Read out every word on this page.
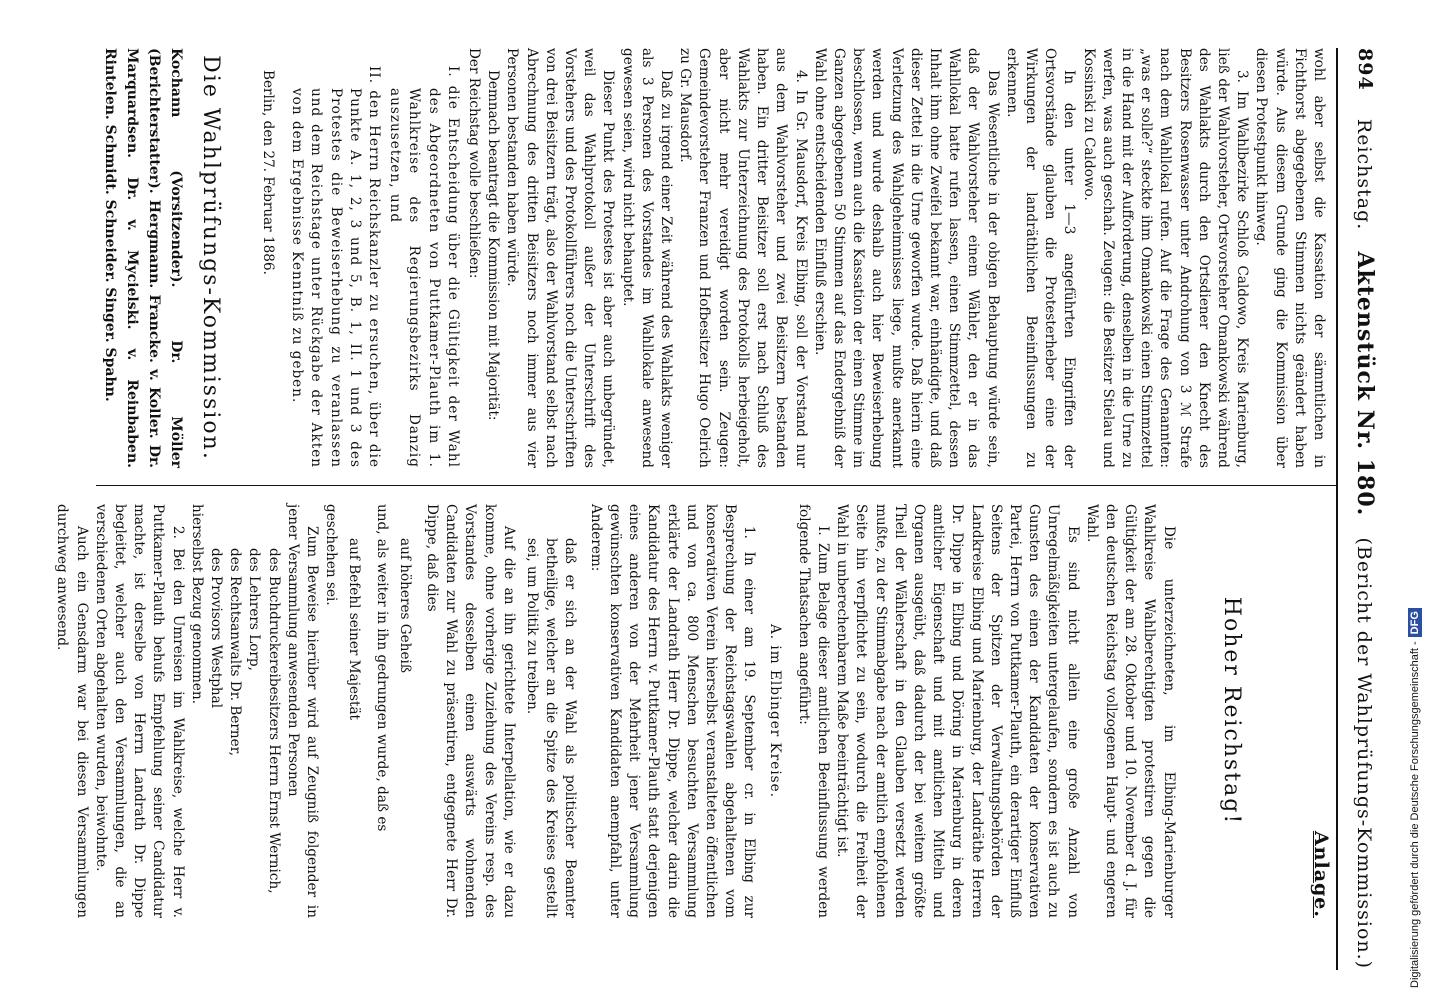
894
Reichstag.   Aktenstück Nr. 180.   (Bericht der Wahlprüfungs-Kommission.)

wohl aber selbst die Kassation der sämmtlichen in Fichthorst abgegebenen Stimmen nichts geändert haben würde. Aus diesem Grunde ging die Kommission über diesen Protestpunkt hinweg.

3. Im Wahlbezirke Schloß Caldowo, Kreis Marienburg, ließ der Wahlvorsteher, Ortsvorsteher Omankowski während des Wahlakts durch den Ortsdiener den Knecht des Besitzers Rosenwasser unter Androhung von 3 ℳ Strafe nach dem Wahllokal rufen. Auf die Frage des Genannten: „was er solle?“ steckte ihm Omankowski einen Stimmzettel in die Hand mit der Aufforderung, denselben in die Urne zu werfen, was auch geschah. Zeugen: die Besitzer Stielau und Kossinski zu Caldowo.

In den unter 1—3 angeführten Eingriffen der Ortsvorstände glauben die Protesterheber eine der Wirkungen der landräthlichen Beeinflussungen zu erkennen.

Das Wesentliche in der obigen Behauptung würde sein, daß der Wahlvorsteher einem Wähler, den er in das Wahllokal hatte rufen lassen, einen Stimmzettel, dessen Inhalt ihm ohne Zweifel bekannt war, einhändigte, und daß dieser Zettel in die Urne geworfen wurde. Daß hierin eine Verletzung des Wahlgeheimnisses liege, mußte anerkannt werden und wurde deshalb auch hier Beweiserhebung beschlossen, wenn auch die Kassation der einen Stimme im Ganzen abgegebenen 50 Stimmen auf das Endergebniß der Wahl ohne entscheidenden Einfluß erschien.

4. In Gr. Mausdorf, Kreis Elbing, soll der Vorstand nur aus dem Wahlvorsteher und zwei Beisitzern bestanden haben. Ein dritter Beisitzer soll erst nach Schluß des Wahlakts zur Unterzeichnung des Protokolls herbeigeholt, aber nicht mehr vereidigt worden sein. Zeugen: Gemeindevorsteher Franzen und Hofbesitzer Hugo Oelrich zu Gr. Mausdorf.

Daß zu irgend einer Zeit während des Wahlakts weniger als 3 Personen des Vorstandes im Wahllokale anwesend gewesen seien, wird nicht behauptet.

Dieser Punkt des Protestes ist aber auch unbegründet, weil das Wahlprotokoll außer der Unterschrift des Vorstehers und des Protokollführers noch die Unterschriften von drei Beisitzern trägt, also der Wahlvorstand selbst nach Abrechnung des dritten Beisitzers noch immer aus vier Personen bestanden haben würde.

Demnach beantragt die Kommission mit Majorität:

Der Reichstag wolle beschließen:

I. die Entscheidung über die Gültigkeit der Wahl des Abgeordneten von Puttkamer-Plauth im 1. Wahlkreise des Regierungsbezirks Danzig auszusetzen, und

II. den Herrn Reichskanzler zu ersuchen, über die Punkte A. 1, 2, 3 und 5, B. 1, II. 1 und 3 des Protestes die Beweiserhebung zu veranlassen und dem Reichstage unter Rückgabe der Akten von dem Ergebnisse Kenntniß zu geben.

Berlin, den 27. Februar 1886.

Die Wahlprüfungs-Kommission.

Kochann (Vorsitzender). Dr. Möller (Berichterstatter). Hergmann. Francke. v. Koller. Dr. Marquardsen. Dr. v. Mycielski. v. Reinbaben. Rintelen. Schmidt. Schneider. Singer. Spahn.

Anlage.
Hoher Reichstag!

Die unterzeichneten, im Elbing-Marienburger Wahlkreise Wahlberechtigten protestiren gegen die Gültigkeit der am 28. Oktober und 10. November d. J. für den deutschen Reichstag vollzogenen Haupt- und engeren Wahl.

Es sind nicht allein eine große Anzahl von Unregelmäßigkeiten untergelaufen, sondern es ist auch zu Gunsten des einen der Kandidaten der konservativen Partei, Herrn von Puttkamer-Plauth, ein derartiger Einfluß Seitens der Spitzen der Verwaltungsbehörden der Landkreise Elbing und Marienburg, der Landräthe Herren Dr. Dippe in Elbing und Döring in Marienburg in deren amtlicher Eigenschaft und mit amtlichen Mitteln und Organen ausgeübt, daß dadurch der bei weitem größte Theil der Wählerschaft in den Glauben versetzt werden mußte, zu der Stimmabgabe nach der amtlich empfohlenen Seite hin verpflichtet zu sein, wodurch die Freiheit der Wahl in unberechenbarem Maße beeinträchtigt ist.

I. Zum Belage dieser amtlichen Beeinflussung werden folgende Thatsachen angeführt:

A. im Elbinger Kreise.

1. In einer am 19. September cr. in Elbing zur Besprechung der Reichstagswahlen abgehaltenen vom konservativen Verein hierselbst veranstalteten öffentlichen und von ca. 800 Menschen besuchten Versammlung erklärte der Landrath Herr Dr. Dippe, welcher darin die Kandidatur des Herrn v. Puttkamer-Plauth statt derjenigen eines anderen von der Mehrheit jener Versammlung gewünschten konservativen Kandidaten anempfahl, unter Anderem:

daß er sich an der Wahl als politischer Beamter betheilige, welcher an die Spitze des Kreises gestellt sei, um Politik zu treiben.

Auf die an ihn gerichtete Interpellation, wie er dazu komme, ohne vorherige Zuziehung des Vereins resp. des Vorstandes desselben einen auswärts wohnenden Candidaten zur Wahl zu präsentiren, entgegnete Herr Dr. Dippe, daß dies

auf höheres Geheiß

und, als weiter in ihn gedrungen wurde, daß es

auf Befehl seiner Majestät

geschehen sei.

Zum Beweise hierüber wird auf Zeugniß folgender in jener Versammlung anwesenden Personen

des Buchdruckereibesitzers Herrn Ernst Wernich,

des Lehrers Lorp,

des Rechtsanwalts Dr. Berner,

des Provisors Westphal

hierselbst Bezug genommen.

2. Bei den Umreisen im Wahlkreise, welche Herr v. Puttkamer-Plauth behufs Empfehlung seiner Candidatur machte, ist derselbe von Herrn Landrath Dr. Dippe begleitet, welcher auch den Versammlungen, die an verschiedenen Orten abgehalten wurden, beiwohnte.

Auch ein Gensdarm war bei diesen Versammlungen durchweg anwesend.

Digitalisierung gefördert durch die Deutsche Forschungsgemeinschaft -DFG
